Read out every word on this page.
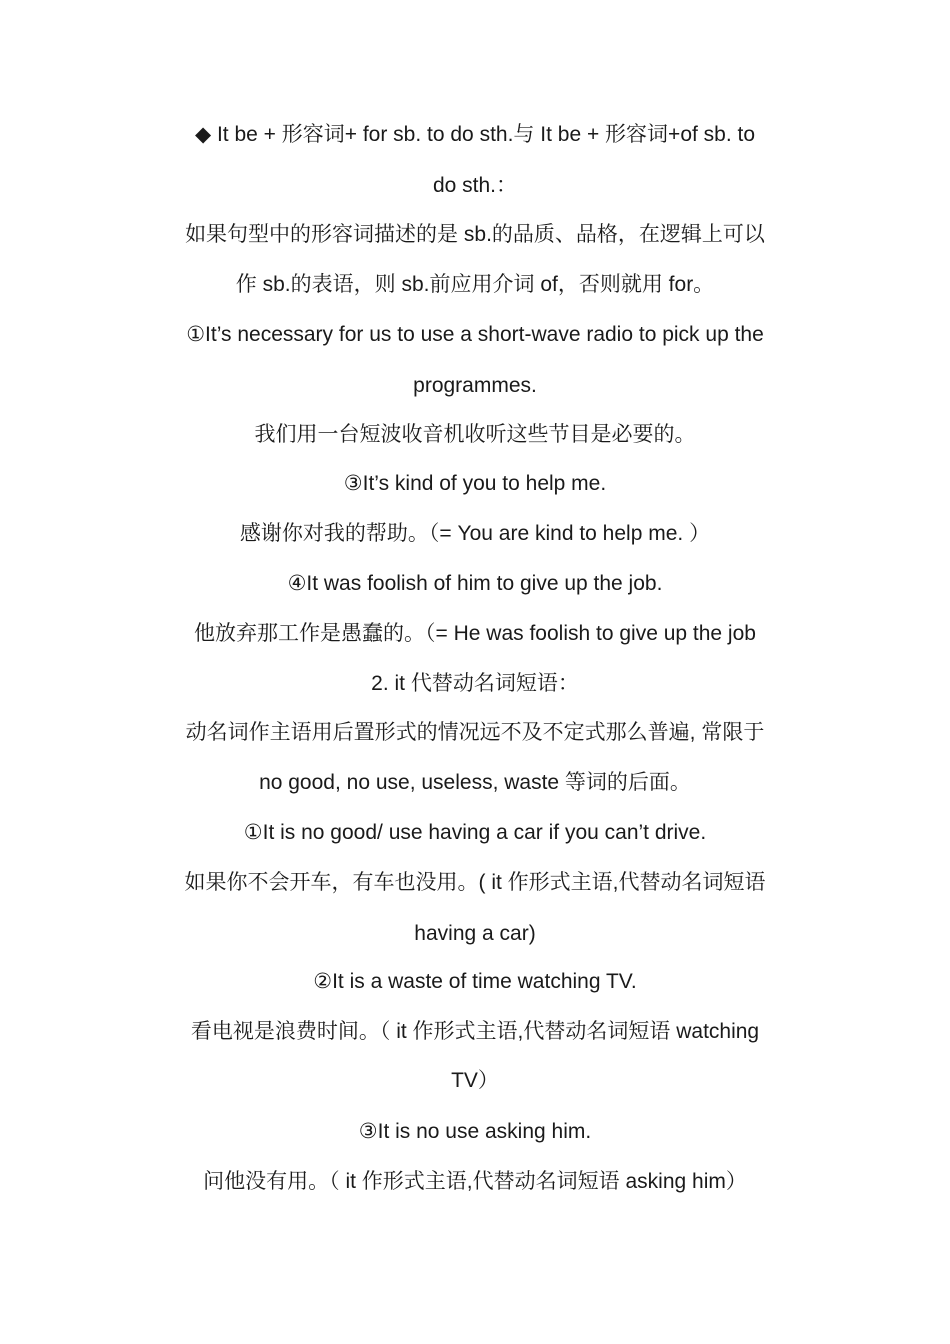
◆ It be + 形容词+ for sb. to do sth.与 It be + 形容词+of sb. to
do sth.：
如果句型中的形容词描述的是 sb.的品质、品格，在逻辑上可以
作 sb.的表语，则 sb.前应用介词 of，否则就用 for。
①It’s necessary for us to use a short-wave radio to pick up the
programmes.
我们用一台短波收音机收听这些节目是必要的。
③It’s kind of you to help me.
感谢你对我的帮助。（= You are kind to help me. ）
④It was foolish of him to give up the job.
他放弃那工作是愚蠢的。（= He was foolish to give up the job
2. it 代替动名词短语：
动名词作主语用后置形式的情况远不及不定式那么普遍, 常限于
no good, no use, useless, waste 等词的后面。
①It is no good/ use having a car if you can’t drive.
如果你不会开车，有车也没用。( it 作形式主语,代替动名词短语
having a car)
②It is a waste of time watching TV.
看电视是浪费时间。（ it 作形式主语,代替动名词短语 watching
TV）
③It is no use asking him.
问他没有用。（ it 作形式主语,代替动名词短语 asking him）
